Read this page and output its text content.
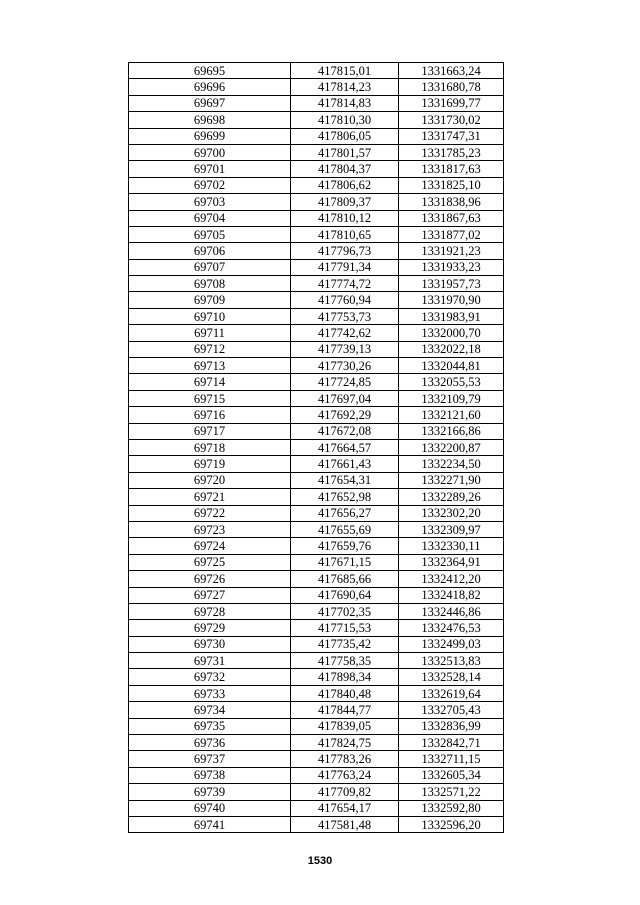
69695	417815,01	1331663,24
69696	417814,23	1331680,78
69697	417814,83	1331699,77
69698	417810,30	1331730,02
69699	417806,05	1331747,31
69700	417801,57	1331785,23
69701	417804,37	1331817,63
69702	417806,62	1331825,10
69703	417809,37	1331838,96
69704	417810,12	1331867,63
69705	417810,65	1331877,02
69706	417796,73	1331921,23
69707	417791,34	1331933,23
69708	417774,72	1331957,73
69709	417760,94	1331970,90
69710	417753,73	1331983,91
69711	417742,62	1332000,70
69712	417739,13	1332022,18
69713	417730,26	1332044,81
69714	417724,85	1332055,53
69715	417697,04	1332109,79
69716	417692,29	1332121,60
69717	417672,08	1332166,86
69718	417664,57	1332200,87
69719	417661,43	1332234,50
69720	417654,31	1332271,90
69721	417652,98	1332289,26
69722	417656,27	1332302,20
69723	417655,69	1332309,97
69724	417659,76	1332330,11
69725	417671,15	1332364,91
69726	417685,66	1332412,20
69727	417690,64	1332418,82
69728	417702,35	1332446,86
69729	417715,53	1332476,53
69730	417735,42	1332499,03
69731	417758,35	1332513,83
69732	417898,34	1332528,14
69733	417840,48	1332619,64
69734	417844,77	1332705,43
69735	417839,05	1332836,99
69736	417824,75	1332842,71
69737	417783,26	1332711,15
69738	417763,24	1332605,34
69739	417709,82	1332571,22
69740	417654,17	1332592,80
69741	417581,48	1332596,20
1530
